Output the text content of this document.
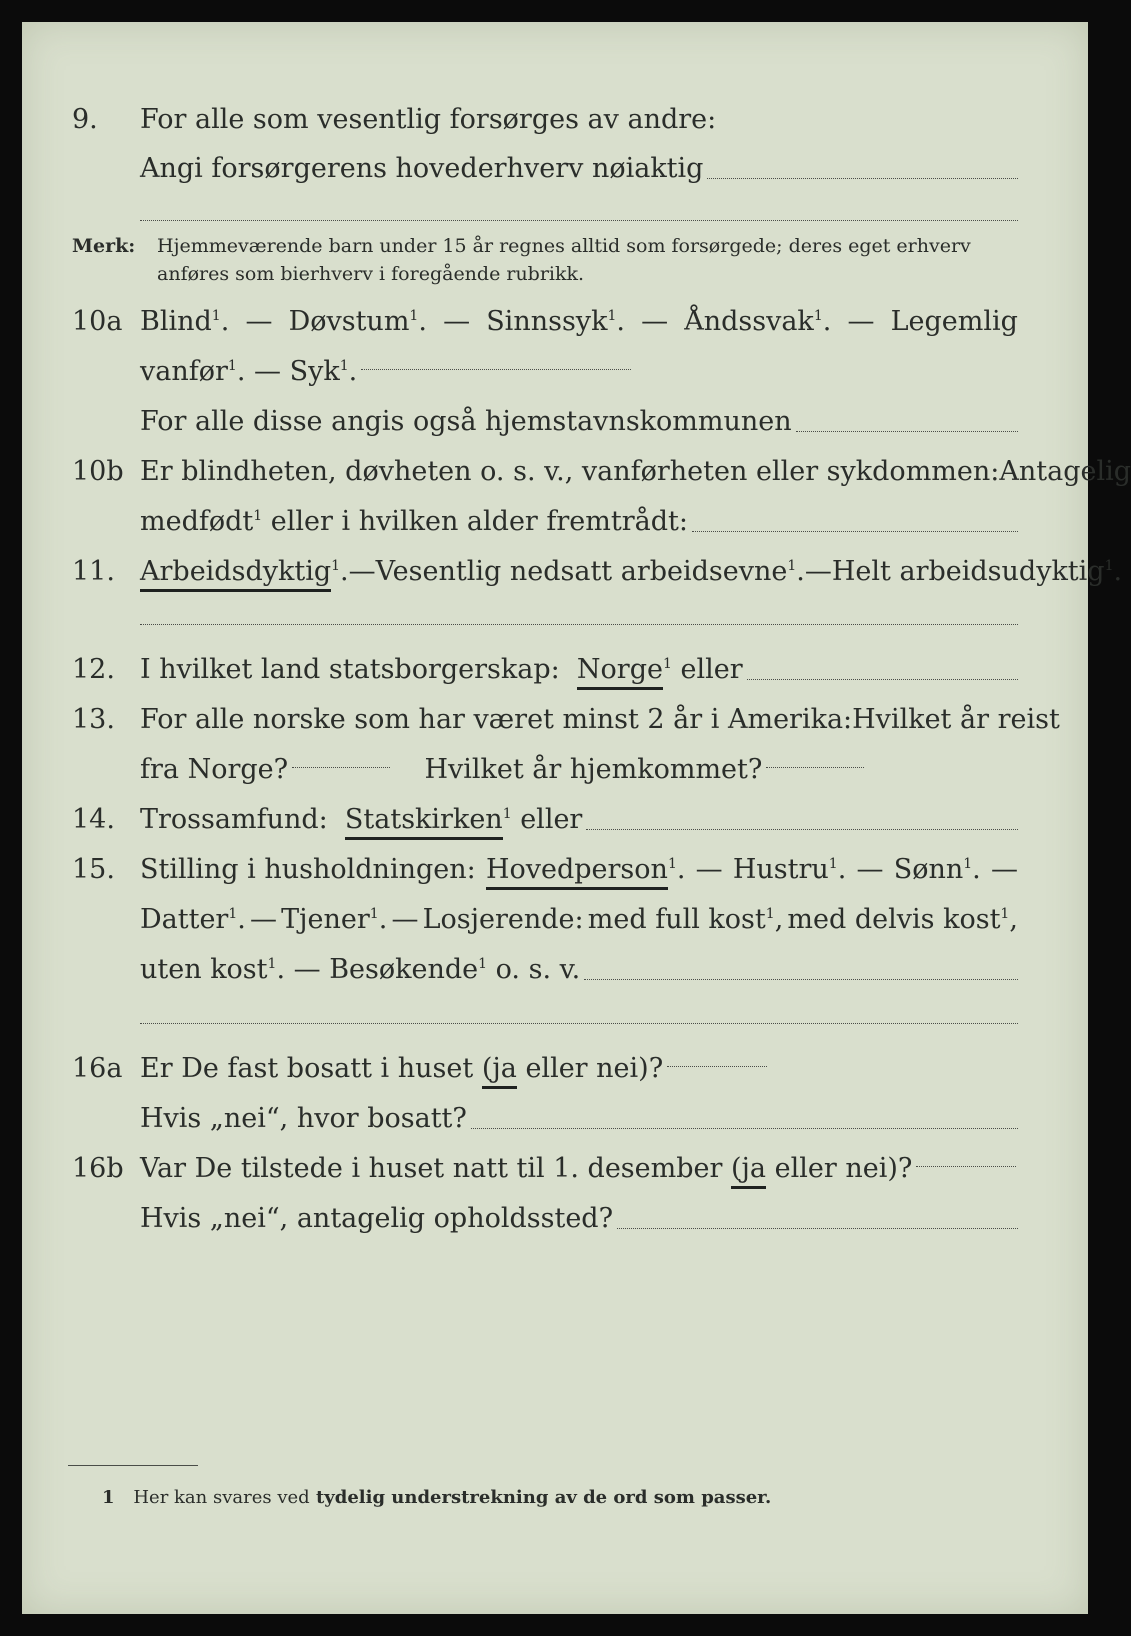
9. For alle som vesentlig forsørges av andre:
Angi forsørgerens hovederhverv nøiaktig
Merk: Hjemmeværende barn under 15 år regnes alltid som forsørgede; deres eget erhverv
anføres som bierhverv i foregående rubrikk.
10a Blind$^1$. — Døvstum$^1$. — Sinnssyk$^1$. — Åndssvak$^1$. — Legemlig
vanfør$^1$. — Syk$^1$.
For alle disse angis også hjemstavnskommunen
10b Er blindheten, døvheten o. s. v., vanførheten eller sykdommen: Antagelig
medfødt$^1$ eller i hvilken alder fremtrådt:
11. Arbeidsdyktig$^1$. — Vesentlig nedsatt arbeidsevne$^1$. — Helt arbeidsudyktig$^1$.
12. I hvilket land statsborgerskap:
Norge$^1$ eller
13. For alle norske som har været minst 2 år i Amerika: Hvilket år reist
fra Norge?	Hvilket år hjemkommet?
14. Trossamfund:
Statskirken$^1$ eller
15. Stilling i husholdningen: Hovedperson$^1$. — Hustru$^1$. — Sønn$^1$. —
Datter$^1$. — Tjener$^1$. — Losjerende: med full kost$^1$, med delvis kost$^1$,
uten kost$^1$. — Besøkende$^1$ o. s. v.
16a Er De fast bosatt i huset (ja eller nei)?
Hvis „nei“, hvor bosatt?
16b Var De tilstede i huset natt til 1. desember (ja eller nei)?
Hvis „nei“, antagelig opholdssted?
1 Her kan svares ved tydelig understrekning av de ord som passer.
